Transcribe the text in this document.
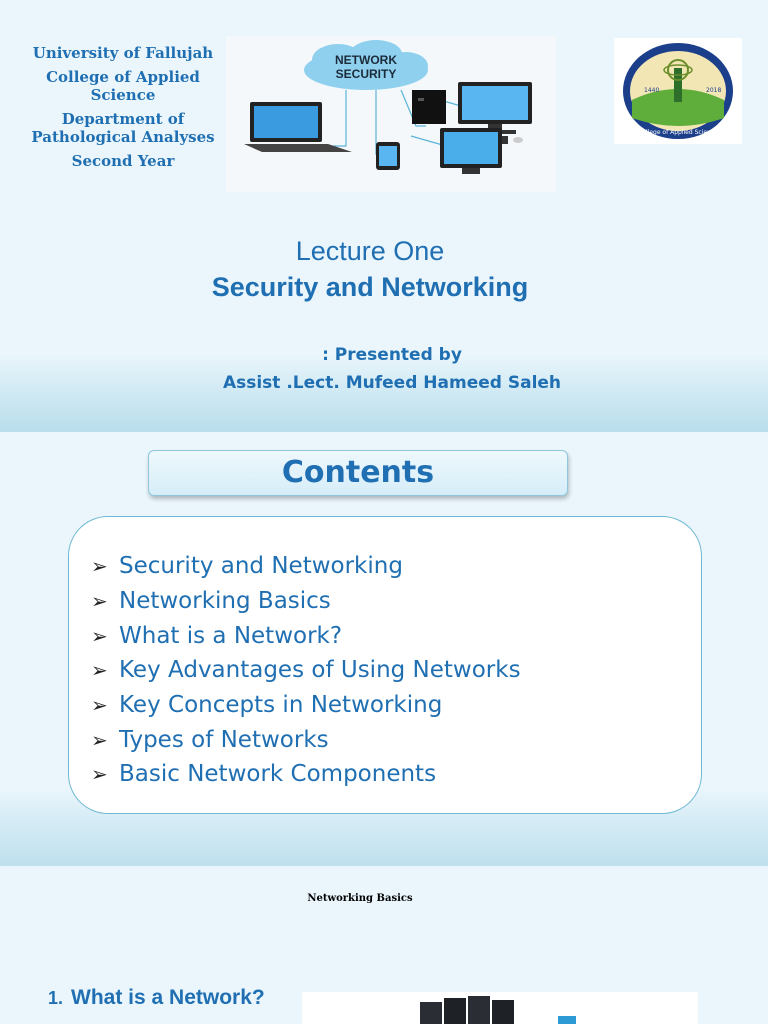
University of Fallujah
College of Applied Science
Department of Pathological Analyses
Second Year
NETWORK
SECURITY
1440	2018
College of Applied Science
Lecture One
Security and Networking
: Presented by
Assist .Lect. Mufeed Hameed Saleh
Contents
➢ Security and Networking
➢ Networking Basics
➢ What is a Network?
➢ Key Advantages of Using Networks
➢ Key Concepts in Networking
➢ Types of Networks
➢ Basic Network Components
Networking Basics
1. What is a Network?
